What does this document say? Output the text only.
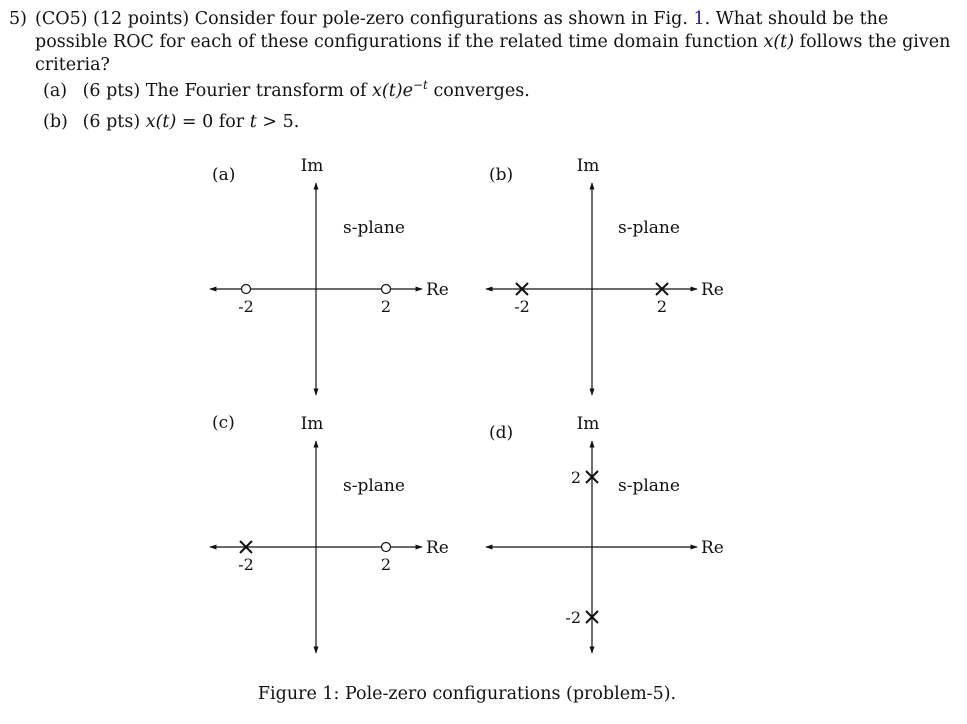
5) (CO5) (12 points) Consider four pole-zero configurations as shown in Fig. 1. What should be the possible ROC for each of these configurations if the related time domain function x(t) follows the given criteria?
(a) (6 pts) The Fourier transform of $x(t)e^{-t}$ converges.
(b) (6 pts) x(t) = 0 for t > 5.
(a)	Im
Re
s-plane
-2	2
(b)	Im
Re
s-plane
-2	2
(c)	Im
Re
s-plane
-2	2
(d)	Im
Re
s-plane
2
-2
Figure 1: Pole-zero configurations (problem-5).
